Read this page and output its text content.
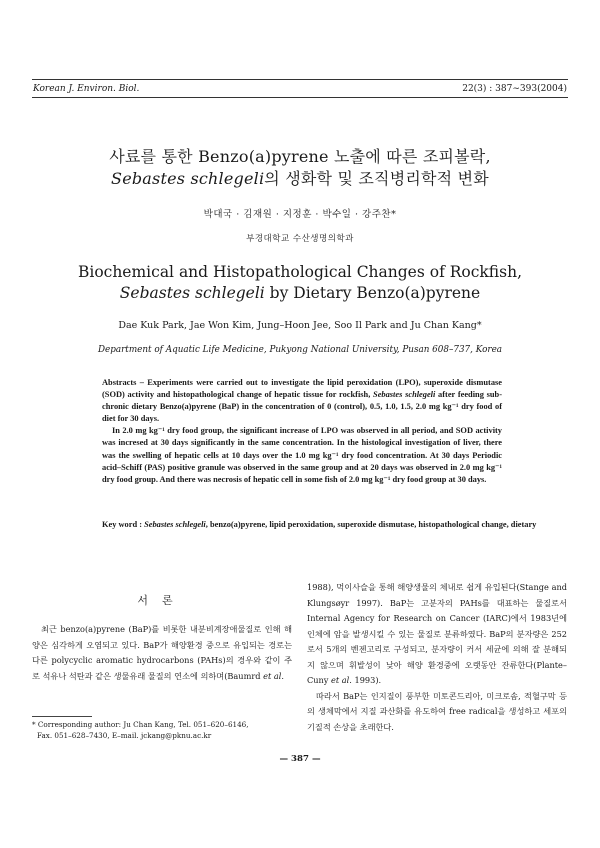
Korean J. Environ. Biol.	22(3) : 387∼393(2004)
사료를 통한 Benzo(a)pyrene 노출에 따른 조피볼락,
Sebastes schlegeli의 생화학 및 조직병리학적 변화
박대국 · 김재원 · 지정훈 · 박수일 · 강주찬*
부경대학교 수산생명의학과
Biochemical and Histopathological Changes of Rockfish,
Sebastes schlegeli by Dietary Benzo(a)pyrene
Dae Kuk Park, Jae Won Kim, Jung–Hoon Jee, Soo Il Park and Ju Chan Kang*
Department of Aquatic Life Medicine, Pukyong National University, Pusan 608–737, Korea

Abstracts – Experiments were carried out to investigate the lipid peroxidation (LPO), superoxide dismutase (SOD) activity and histopathological change of hepatic tissue for rockfish, Sebastes schlegeli after feeding sub-chronic dietary Benzo(a)pyrene (BaP) in the concentration of 0 (control), 0.5, 1.0, 1.5, 2.0 mg kg⁻¹ dry food of diet for 30 days.

In 2.0 mg kg⁻¹ dry food group, the significant increase of LPO was observed in all period, and SOD activity was incresed at 30 days significantly in the same concentration. In the histological investigation of liver, there was the swelling of hepatic cells at 10 days over the 1.0 mg kg⁻¹ dry food concentration. At 30 days Periodic acid–Schiff (PAS) positive granule was observed in the same group and at 20 days was observed in 2.0 mg kg⁻¹ dry food group. And there was necrosis of hepatic cell in some fish of 2.0 mg kg⁻¹ dry food group at 30 days.

Key word : Sebastes schlegeli, benzo(a)pyrene, lipid peroxidation, superoxide dismutase, histopathological change, dietary
서론

최근 benzo(a)pyrene (BaP)를 비롯한 내분비계장애물질로 인해 해양은 심각하게 오염되고 있다. BaP가 해양환경 중으로 유입되는 경로는 다른 polycyclic aromatic hydrocarbons (PAHs)의 경우와 같이 주로 석유나 석탄과 같은 생물유래 물질의 연소에 의하며(Baumrd et al.

1988), 먹이사슬을 통해 해양생물의 체내로 쉽게 유입된다(Stange and Klungsøyr 1997). BaP는 고분자의 PAHs를 대표하는 물질로서 Internal Agency for Research on Cancer (IARC)에서 1983년에 인체에 암을 발생시킬 수 있는 물질로 분류하였다. BaP의 분자량은 252로서 5개의 벤젠고리로 구성되고, 분자량이 커서 세균에 의해 잘 분해되지 않으며 휘발성이 낮아 해양 환경중에 오랫동안 잔류한다(Plante–Cuny et al. 1993).

따라서 BaP는 인지질이 풍부한 미토콘드리아, 미크로솜, 적혈구막 등의 생체막에서 지질 과산화를 유도하여 free radical을 생성하고 세포의 기질적 손상을 초래한다.

* Corresponding author: Ju Chan Kang, Tel. 051–620–6146,
Fax. 051–628–7430, E–mail. jckang@pknu.ac.kr
— 387 —
